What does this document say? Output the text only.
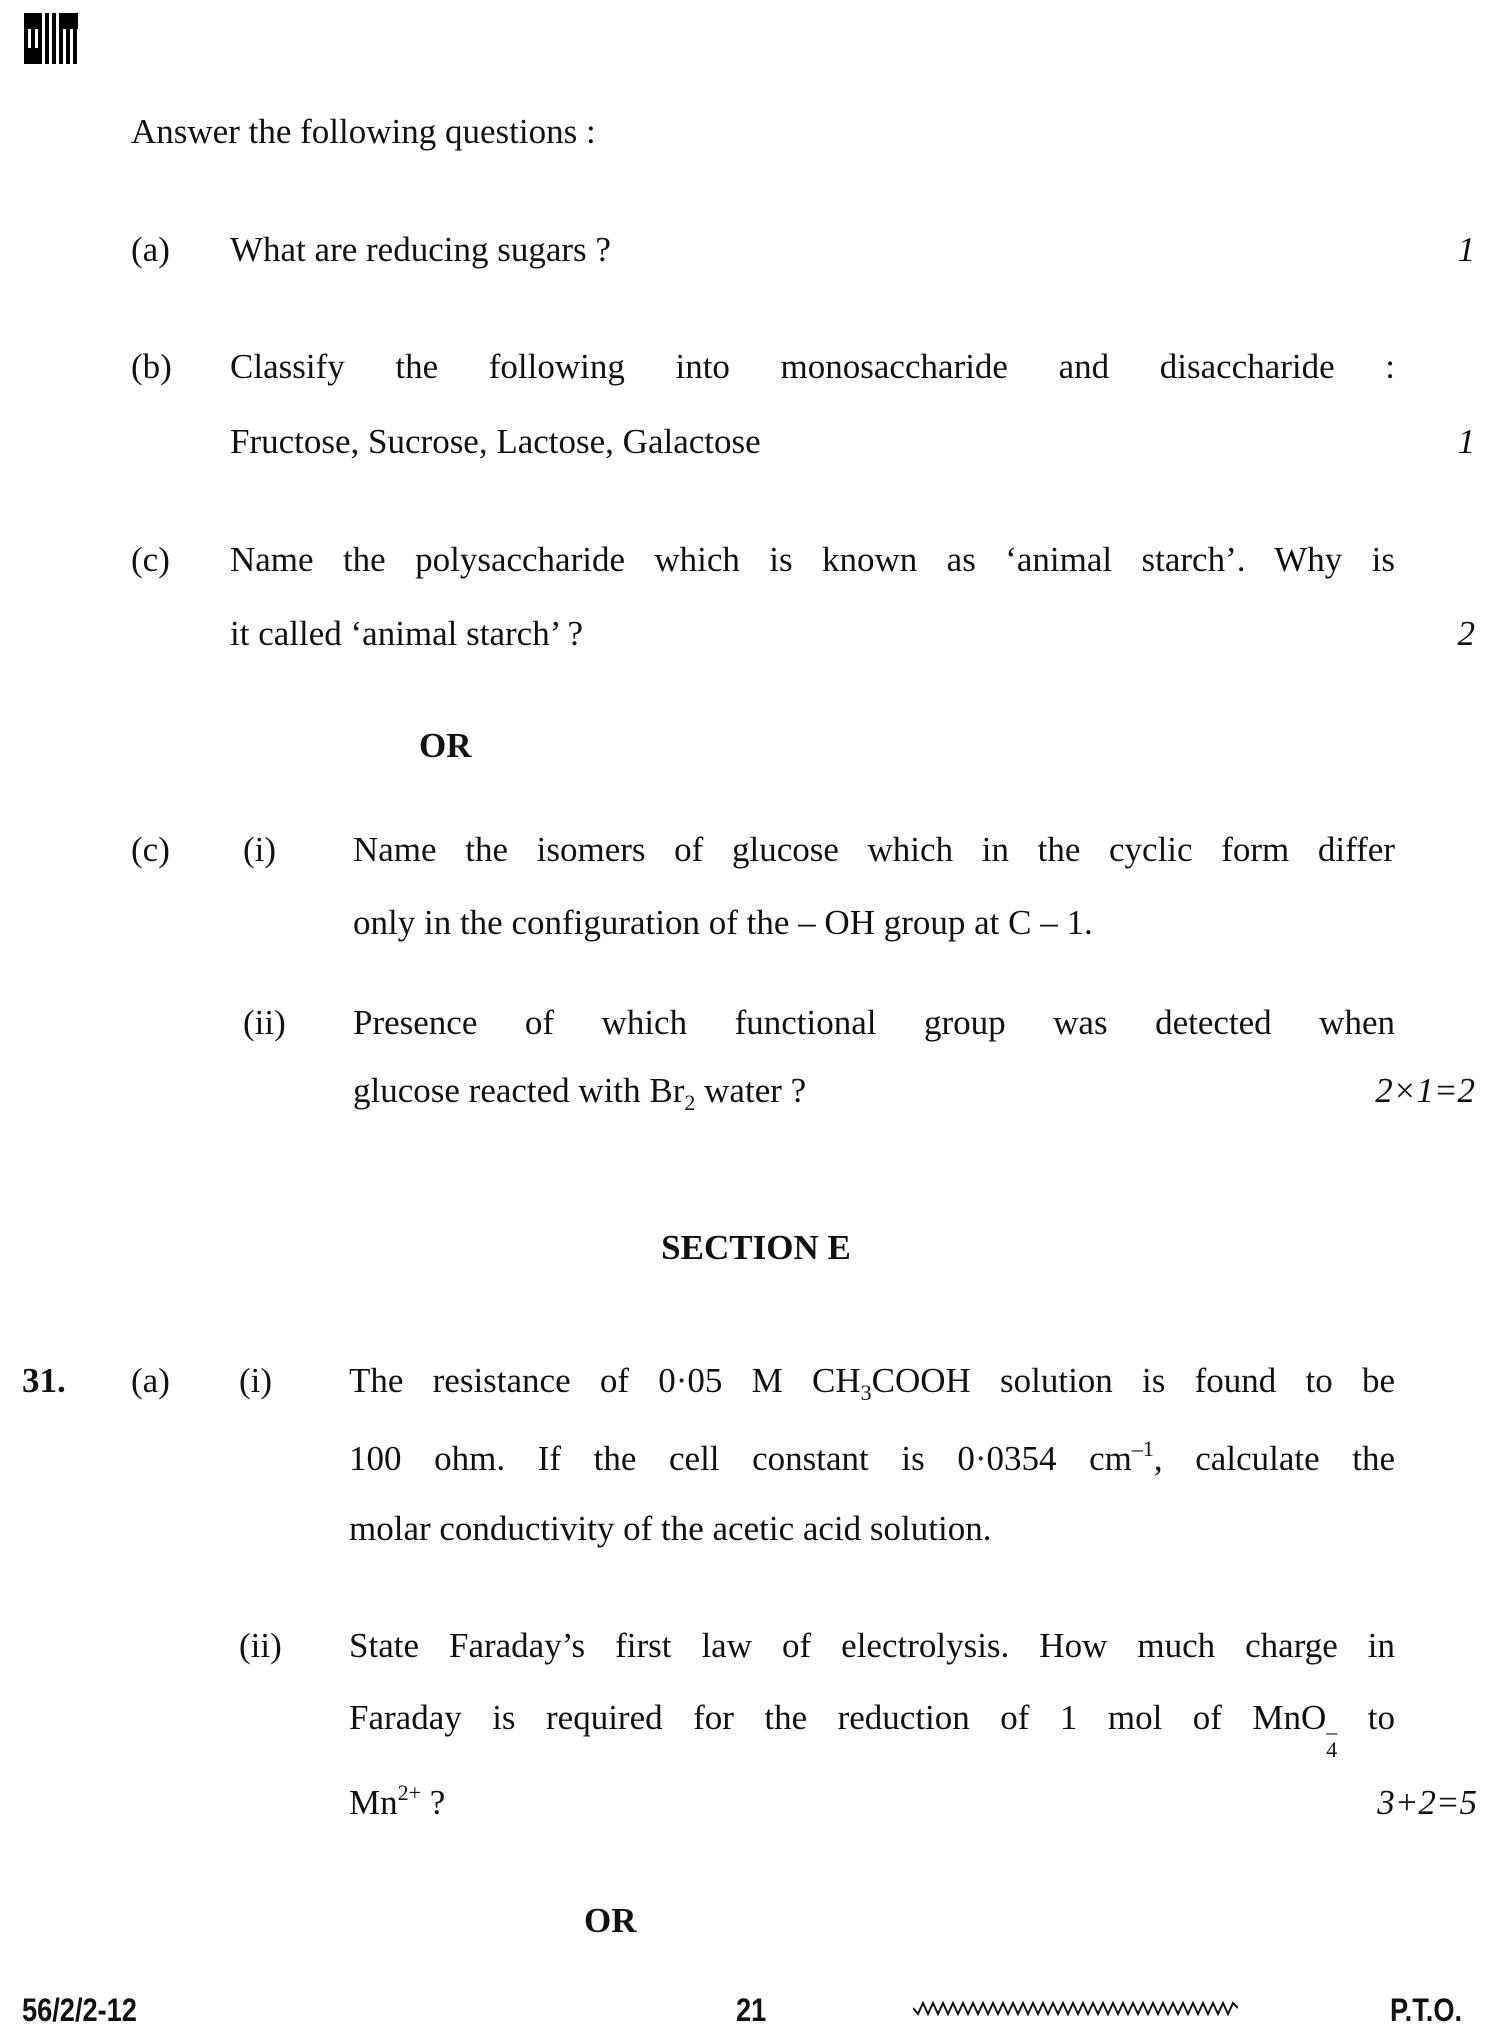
Answer the following questions :
(a) What are reducing sugars ?	1
(b) Classify the following into monosaccharide and disaccharide :
Fructose, Sucrose, Lactose, Galactose	1
(c) Name the polysaccharide which is known as ‘animal starch’. Why is
it called ‘animal starch’ ?	2
OR
(c) (i) Name the isomers of glucose which in the cyclic form differ
only in the configuration of the – OH group at C – 1.
(ii) Presence of which functional group was detected when
glucose reacted with $Br_2$ water ?	2×1=2
SECTION E
31. (a) (i) The resistance of 0·05 M $CH_3COOH$ solution is found to be
100 ohm. If the cell constant is 0·0354 $cm^{-1}$, calculate the
molar conductivity of the acetic acid solution.
(ii) State Faraday’s first law of electrolysis. How much charge in
Faraday is required for the reduction of 1 mol of MnO –
4
to
$Mn^{2+}$ ?	3+2=5
OR
56/2/2-12	21	P.T.O.
